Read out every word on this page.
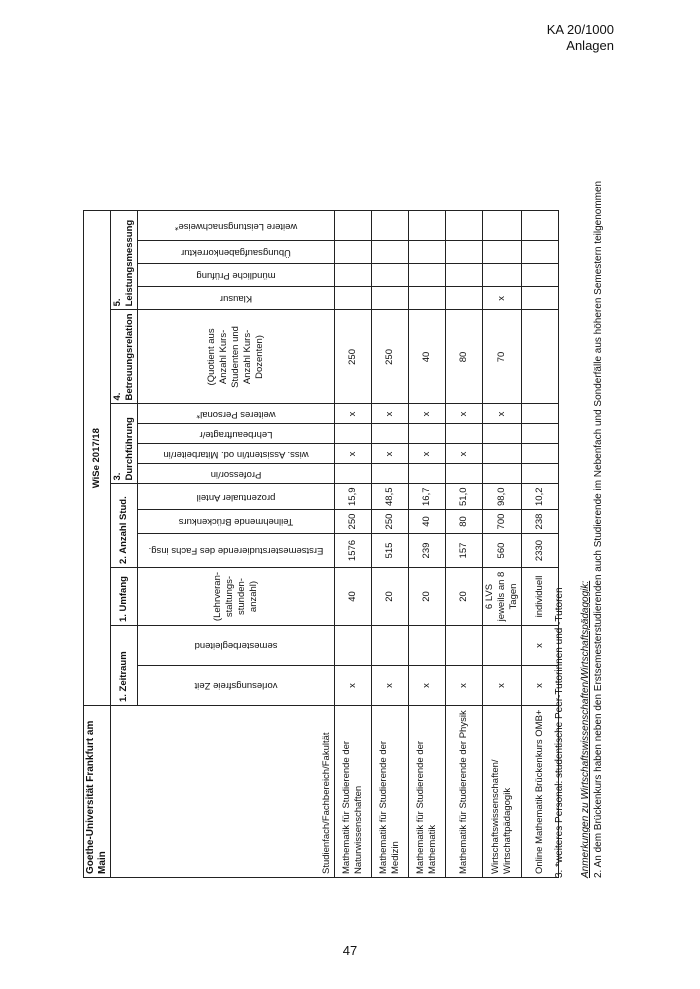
KA 20/1000
Anlagen
Goethe-Universität Frankfurt am Main	WiSe 2017/18														
Studienfach/Fachbereich/Fakultät	1. Zeitraum		1. Umfang	2. Anzahl Stud.			3. Durchführung				4. Betreuungsrelation	5. Leistungsmessung			

	vorlesungsfreie Zeit	semesterbegleitend	(Lehrveran-staltungs-stunden-anzahl)	Erstsemesterstudierende des Fachs insg.	Teilnehmende Brückenkurs	prozentualer Anteil	Professor/in	wiss. Assistent/in od. Mitarbeiter/in	Lehrbeauftragte/r	weiteres Personal*	(Quotient aus Anzahl Kurs-Studenten und Anzahl Kurs-Dozenten)	Klausur	mündliche Prüfung	Übungsaufgabenkorrektur	weitere Leistungsnachweise*

Mathematik für Studierende der Naturwissenschaften	x		40	1576	250	15,9		x		x	250				
Mathematik für Studierende der Medizin	x		20	515	250	48,5		x		x	250				
Mathematik für Studierende der Mathematik	x		20	239	40	16,7		x		x	40				
Mathematik für Studierende der Physik	x		20	157	80	51,0		x		x	80				
Wirtschaftswissenschaften/ Wirtschaftpädagogik	x		6 LVS jeweils an 8 Tagen	560	700	98,0				x	70	x			
Online Mathematik Brückenkurs OMB+	x	x	individuell	2330	238	10,2									
3. *weiteres Personal: studentische Peer-Tutorinnen und -Tutoren Anmerkungen zu Wirtschaftswissenschaften/Wirtschaftspädagogik: 2. An dem Brückenkurs haben neben den Erstsemesterstudierenden auch Studierende im Nebenfach und Sonderfälle aus höheren Semestern teilgenommen
47
